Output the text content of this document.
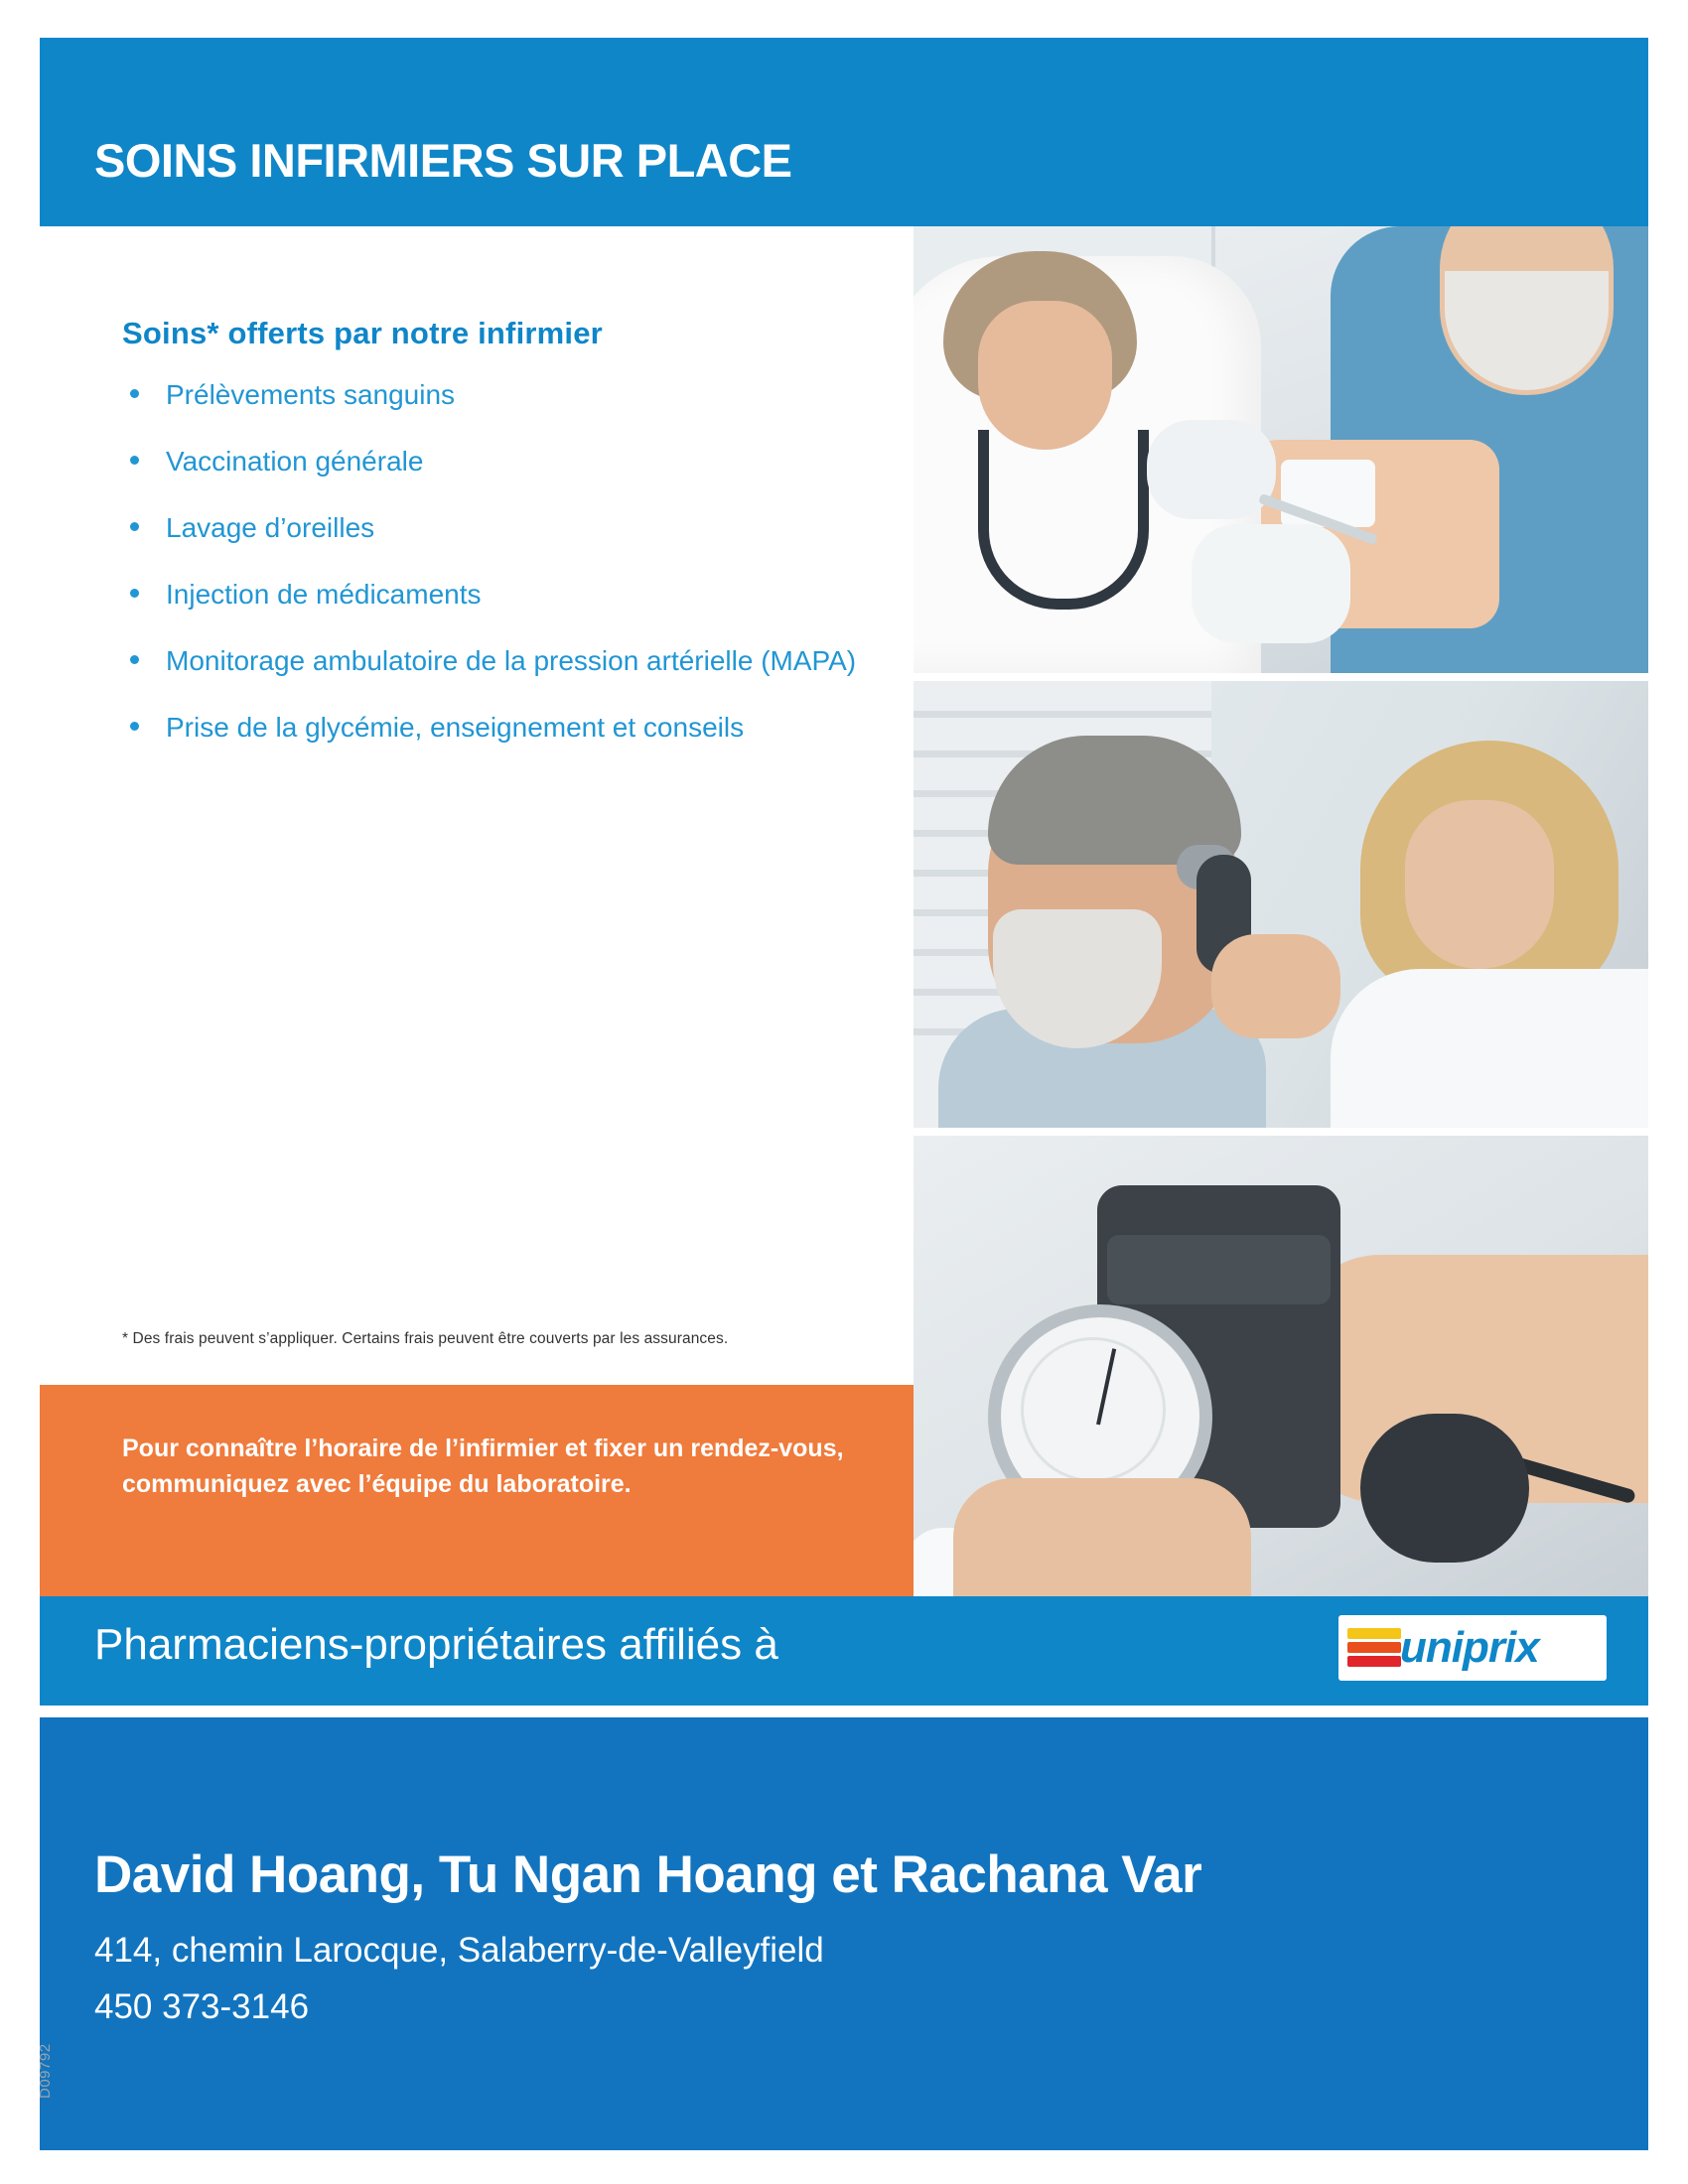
SOINS INFIRMIERS SUR PLACE
Soins* offerts par notre infirmier
Prélèvements sanguins
Vaccination générale
Lavage d’oreilles
Injection de médicaments
Monitorage ambulatoire de la pression artérielle (MAPA)
Prise de la glycémie, enseignement et conseils
* Des frais peuvent s’appliquer. Certains frais peuvent être couverts par les assurances.
Pour connaître l’horaire de l’infirmier et fixer un rendez-vous, communiquez avec l’équipe du laboratoire.
Pharmaciens-propriétaires affiliés à	uniprix
David Hoang, Tu Ngan Hoang et Rachana Var
414, chemin Larocque, Salaberry-de-Valleyfield
450 373-3146
D09792
